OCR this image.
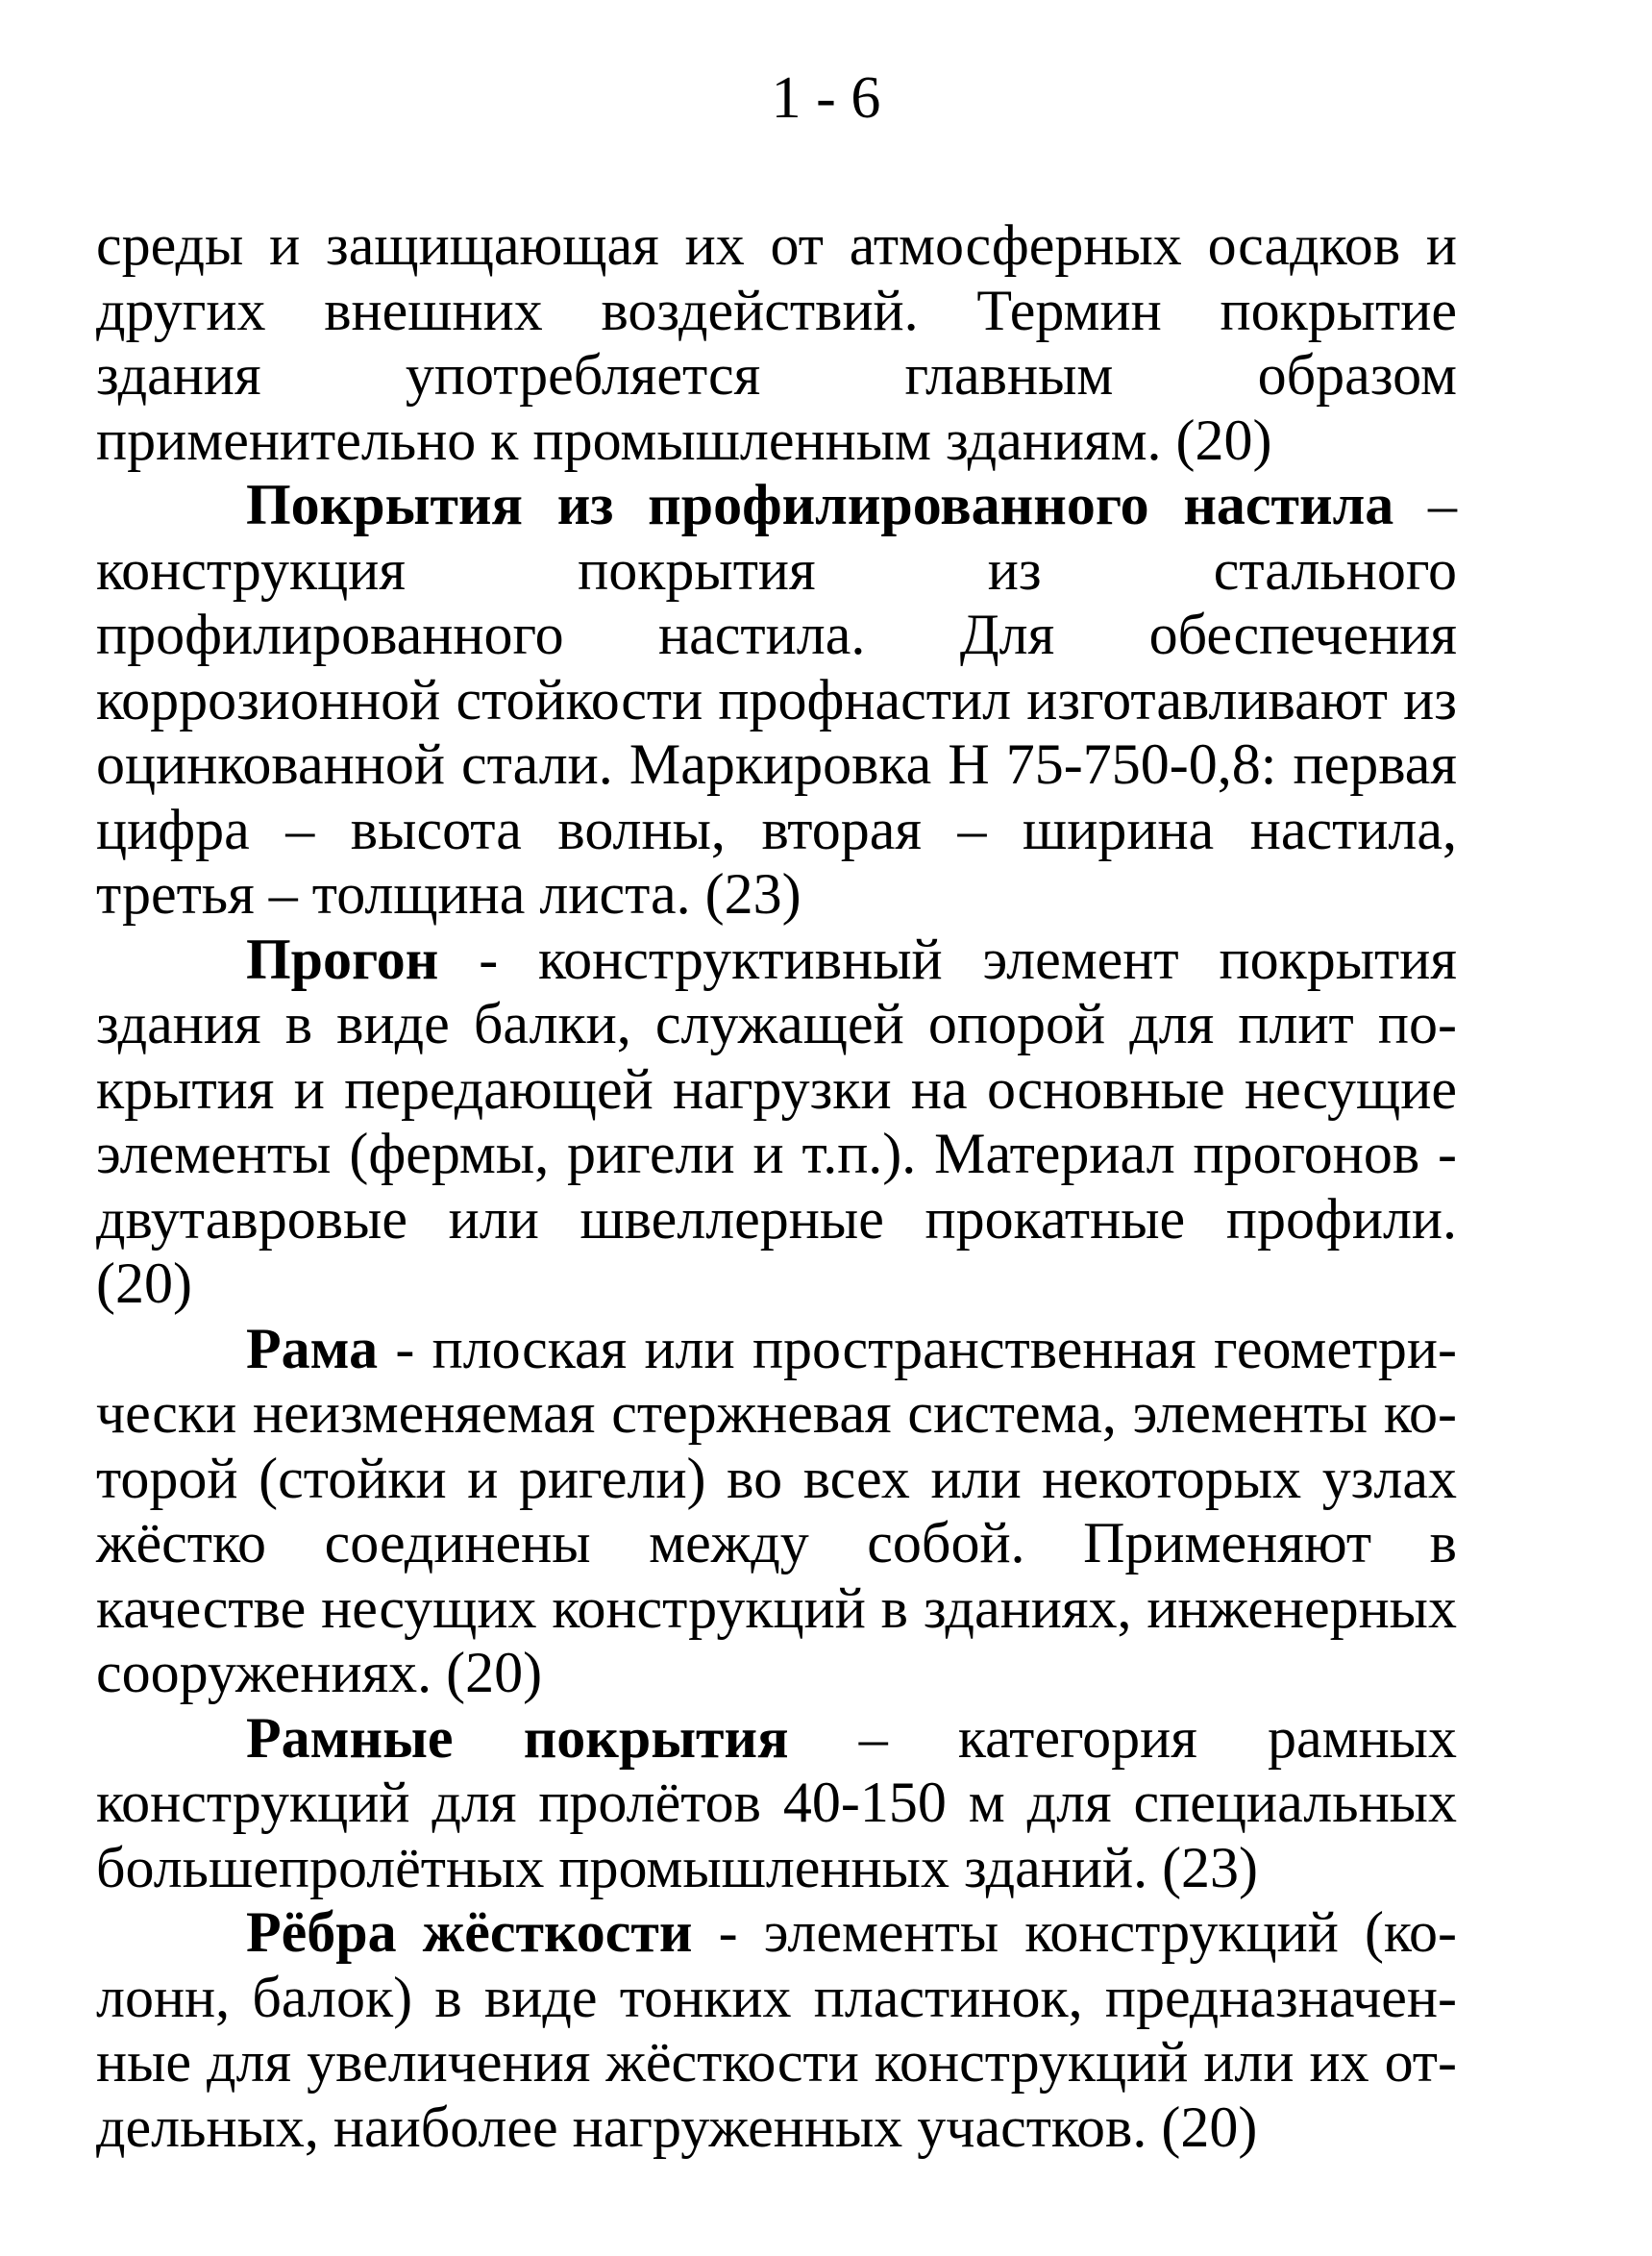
1 - 6

среды и защищающая их от атмосферных осадков и других внешних воздействий. Термин покрытие здания употребляется главным образом применительно к промышленным зданиям. (20)

Покрытия из профилированного настила – конструкция покрытия из стального профилированного настила. Для обеспечения коррозионной стойкости профнастил изготавливают из оцинкованной стали. Маркировка Н 75-750-0,8: первая цифра – высота волны, вторая – ширина настила, третья – толщина листа. (23)

Прогон - конструктивный элемент покрытия здания в виде балки, служащей опорой для плит покрытия и передающей нагрузки на основные несущие элементы (фермы, ригели и т.п.). Материал прогонов - двутавровые или швеллерные прокатные профили. (20)

Рама - плоская или пространственная геометрически неизменяемая стержневая система, элементы которой (стойки и ригели) во всех или некоторых узлах жёстко соединены между собой. Применяют в качестве несущих конструкций в зданиях, инженерных сооружениях. (20)

Рамные покрытия – категория рамных конструкций для пролётов 40-150 м для специальных большепролётных промышленных зданий. (23)

Рёбра жёсткости - элементы конструкций (колонн, балок) в виде тонких пластинок, предназначенные для увеличения жёсткости конструкций или их отдельных, наиболее нагруженных участков. (20)
